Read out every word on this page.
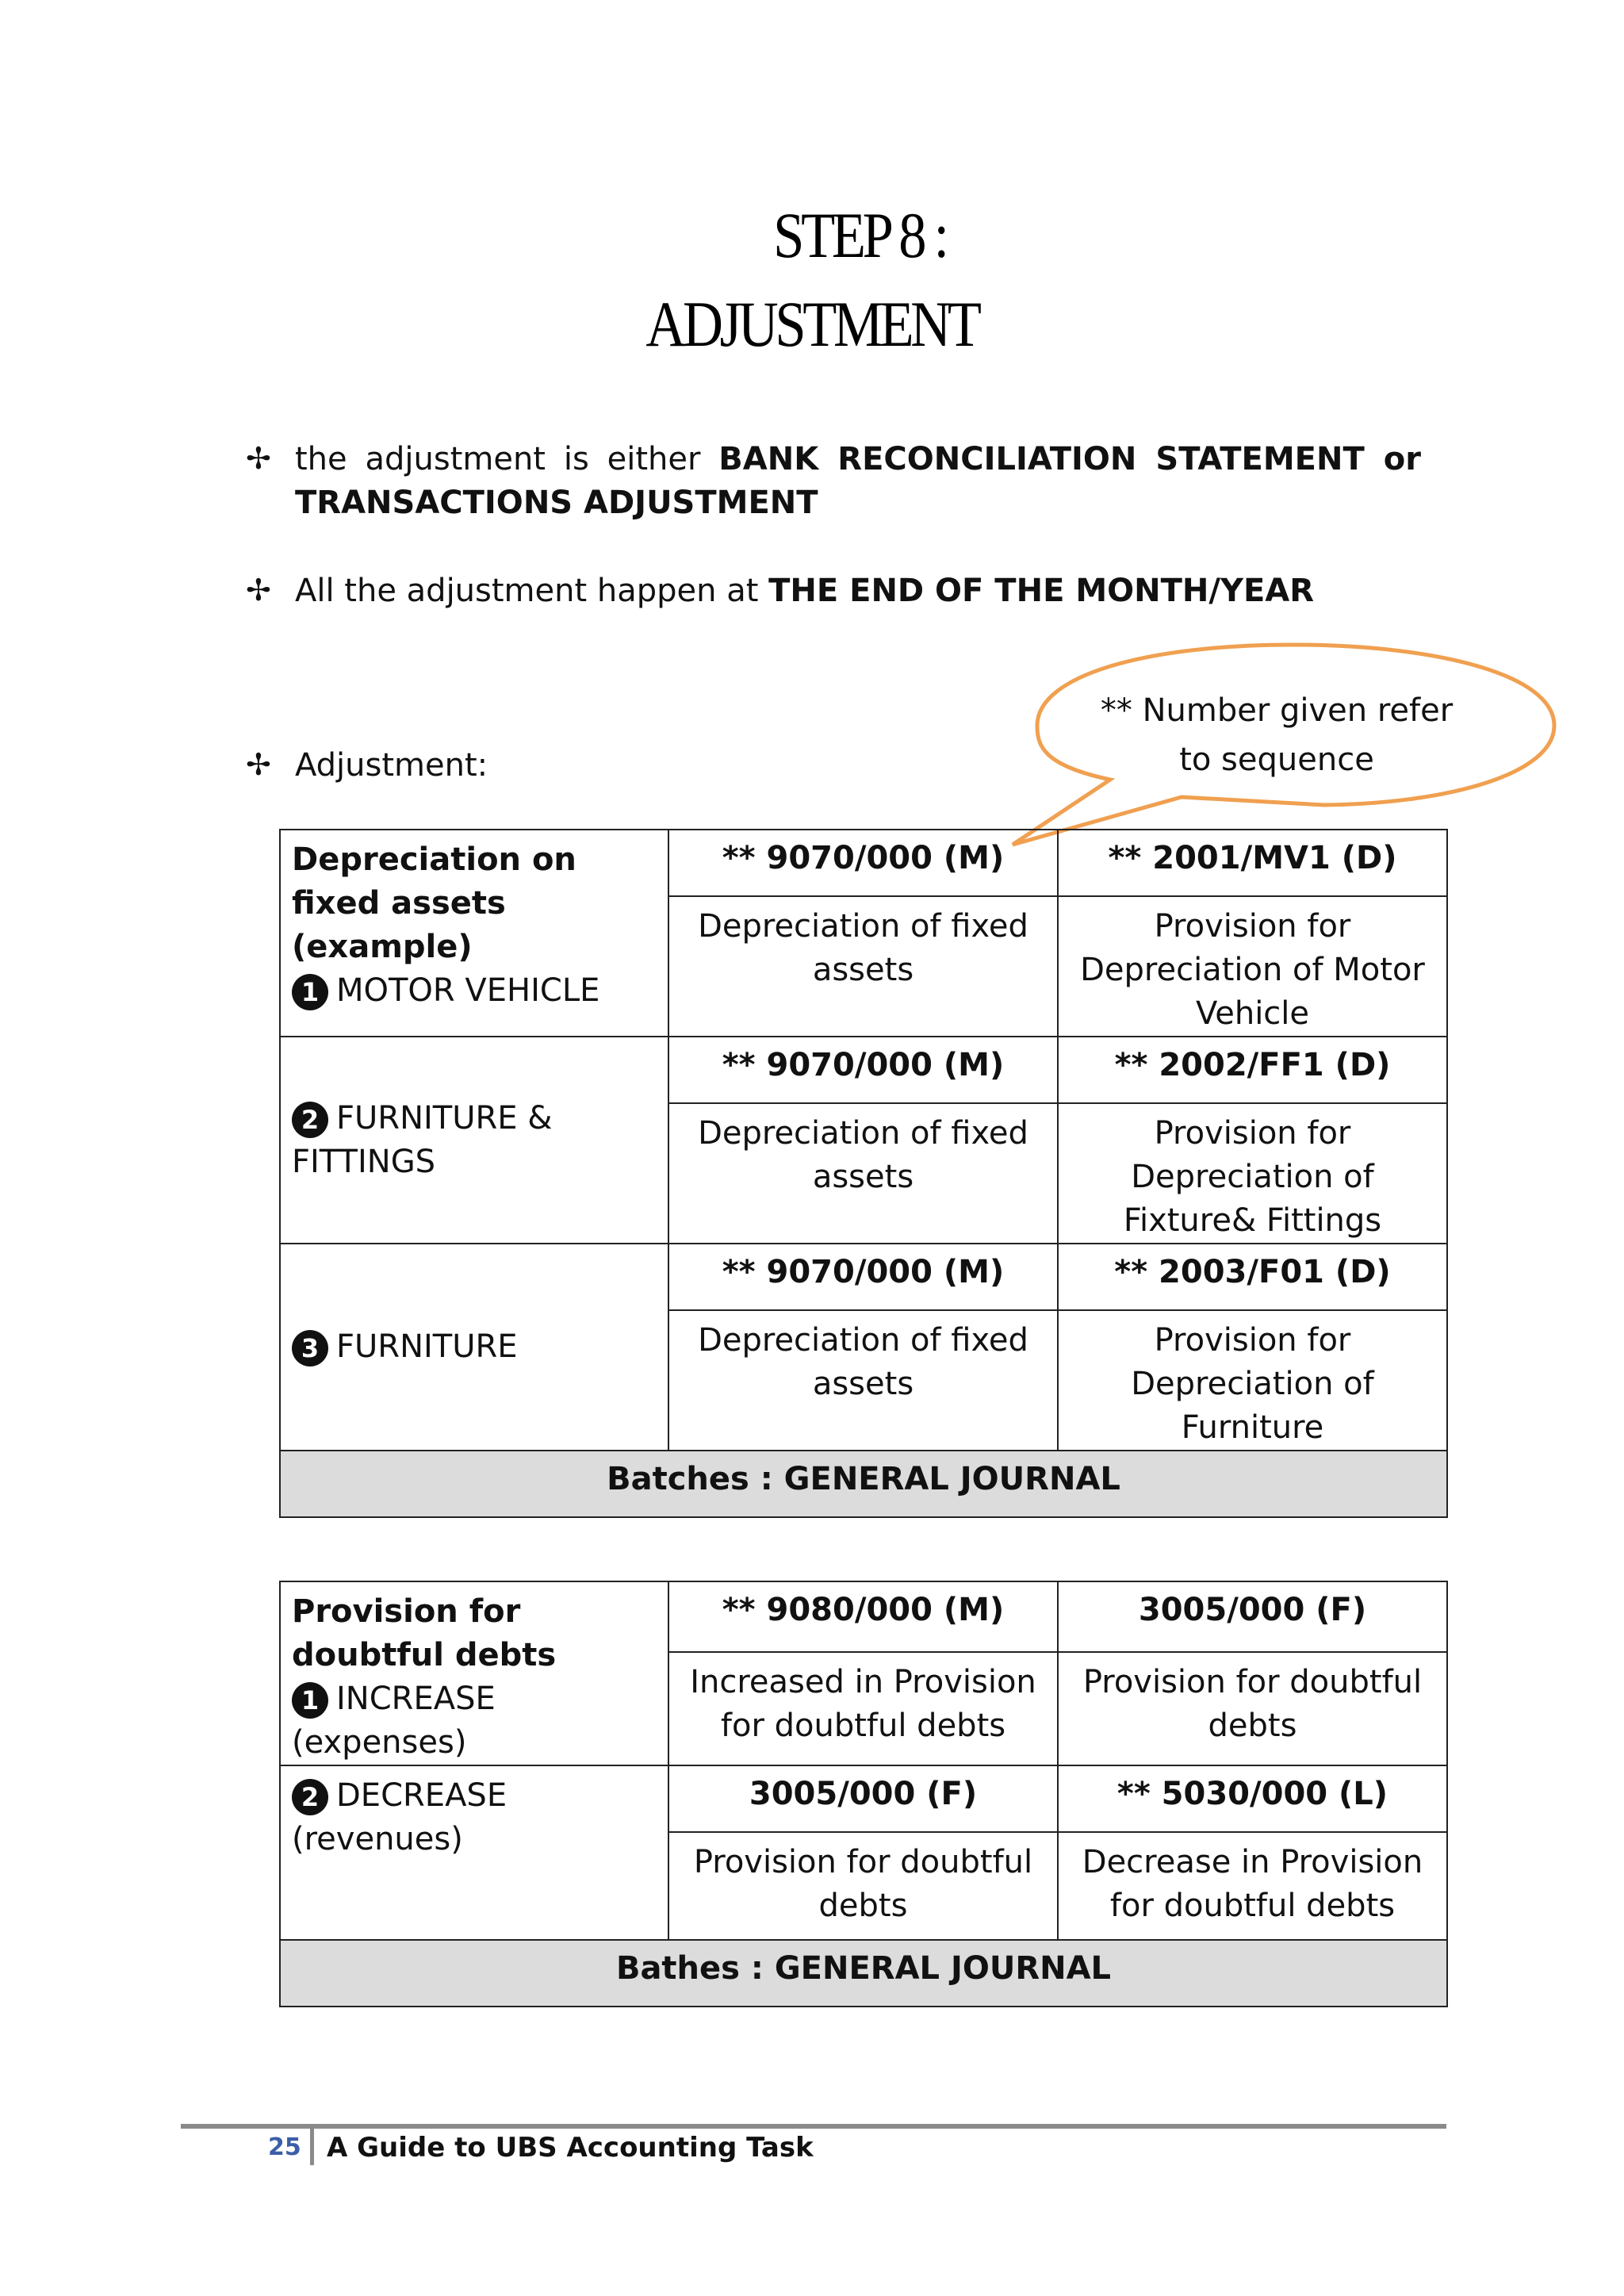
STEP 8 :
ADJUSTMENT
✢ the adjustment is either BANK RECONCILIATION STATEMENT or TRANSACTIONS ADJUSTMENT
✢ All the adjustment happen at THE END OF THE MONTH/YEAR
✢ Adjustment:
** Number given refer to sequence
Depreciation on fixed assets (example)
1 MOTOR VEHICLE	** 9070/000 (M)	** 2001/MV1 (D)
	Depreciation of fixed assets	Provision for Depreciation of Motor Vehicle
2 FURNITURE & FITTINGS	** 9070/000 (M)	** 2002/FF1 (D)
	Depreciation of fixed assets	Provision for Depreciation of Fixture& Fittings
3 FURNITURE	** 9070/000 (M)	** 2003/F01 (D)
	Depreciation of fixed assets	Provision for Depreciation of Furniture
Batches : GENERAL JOURNAL		
Provision for doubtful debts
1 INCREASE (expenses)	** 9080/000 (M)	3005/000 (F)
	Increased in Provision for doubtful debts	Provision for doubtful debts
2 DECREASE (revenues)	3005/000 (F)	** 5030/000 (L)
	Provision for doubtful debts	Decrease in Provision for doubtful debts
Bathes : GENERAL JOURNAL		
25 A Guide to UBS Accounting Task
